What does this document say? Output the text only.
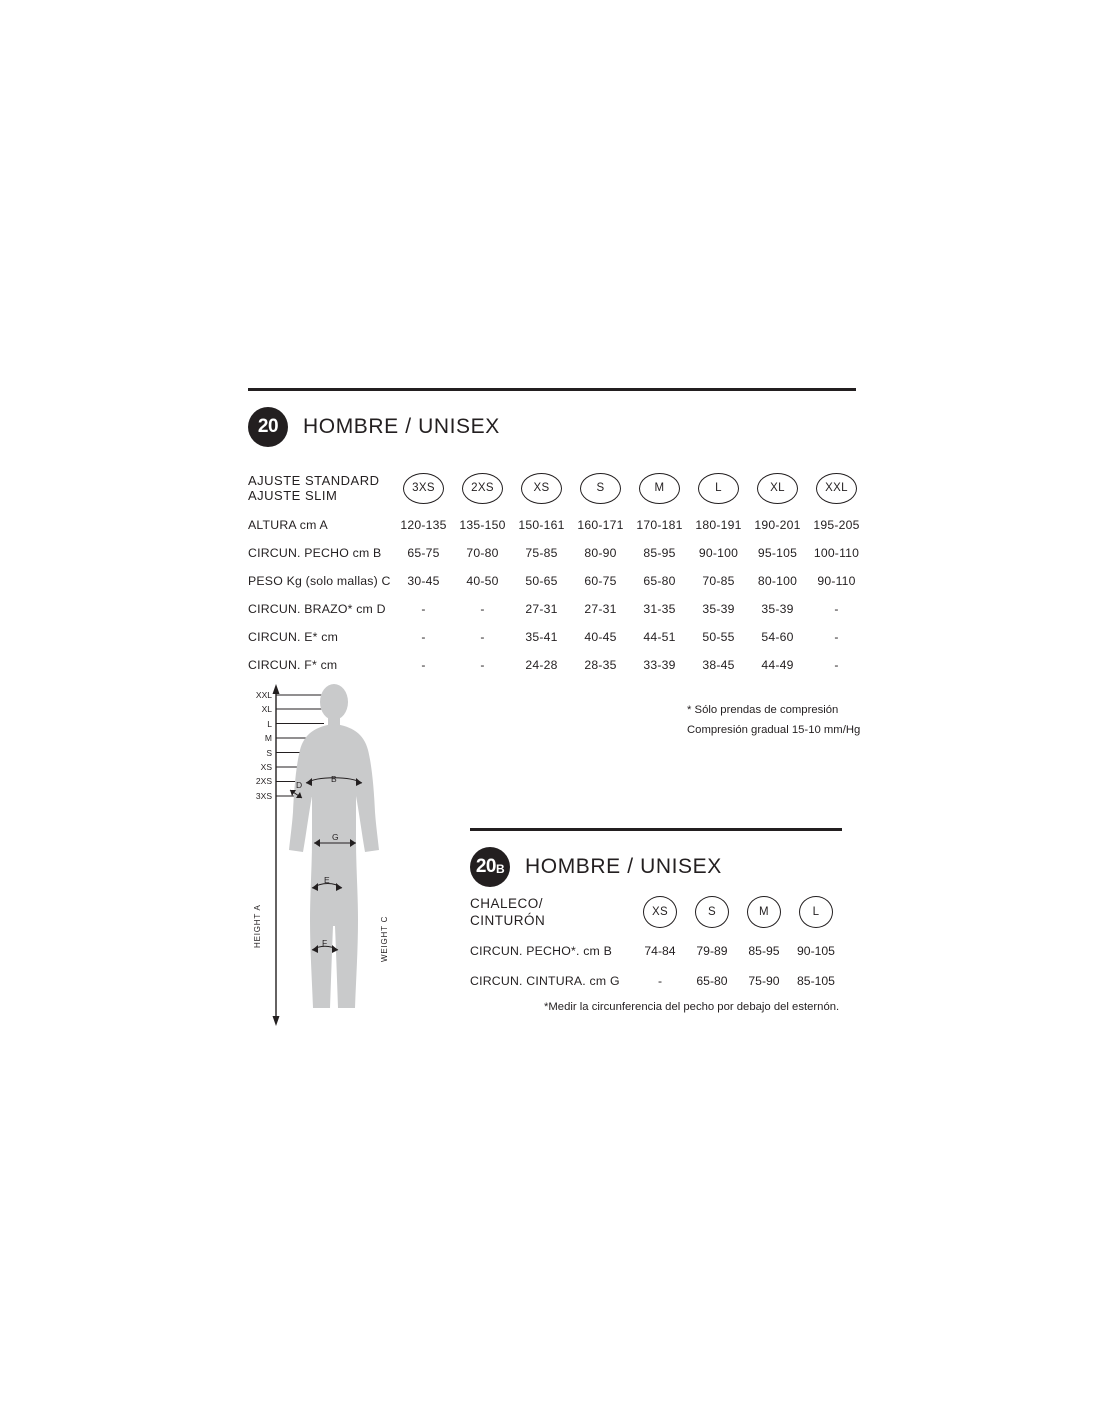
20 HOMBRE / UNISEX
AJUSTE STANDARD
AJUSTE SLIM	3XS	2XS	XS	S	M	L	XL	XXL
ALTURA cm A	120-135	135-150	150-161	160-171	170-181	180-191	190-201	195-205
CIRCUN. PECHO cm B	65-75	70-80	75-85	80-90	85-95	90-100	95-105	100-110
PESO Kg (solo mallas) C	30-45	40-50	50-65	60-75	65-80	70-85	80-100	90-110
CIRCUN. BRAZO* cm D	-	-	27-31	27-31	31-35	35-39	35-39	-
CIRCUN. E* cm	-	-	35-41	40-45	44-51	50-55	54-60	-
CIRCUN. F* cm	-	-	24-28	28-35	33-39	38-45	44-49	-
* Sólo prendas de compresión
Compresión gradual 15-10 mm/Hg
XXL
XL
L
M
S
XS
2XS
3XS
HEIGHT A	WEIGHT C
D
B
G
E
F
20 B HOMBRE / UNISEX
CHALECO/
CINTURÓN
XS	S	M	L
CIRCUN. PECHO*. cm B	74-84	79-89	85-95	90-105
CIRCUN. CINTURA. cm G	-	65-80	75-90	85-105
*Medir la circunferencia del pecho por debajo del esternón.
